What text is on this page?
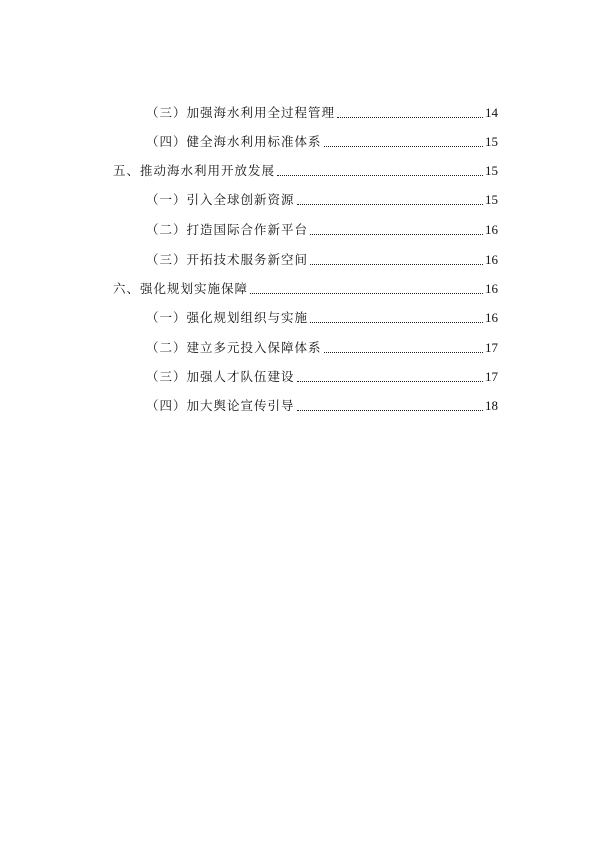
（三）加强海水利用全过程管理	14
（四）健全海水利用标准体系	15
五、推动海水利用开放发展	15
（一）引入全球创新资源	15
（二）打造国际合作新平台	16
（三）开拓技术服务新空间	16
六、强化规划实施保障	16
（一）强化规划组织与实施	16
（二）建立多元投入保障体系	17
（三）加强人才队伍建设	17
（四）加大舆论宣传引导	18
